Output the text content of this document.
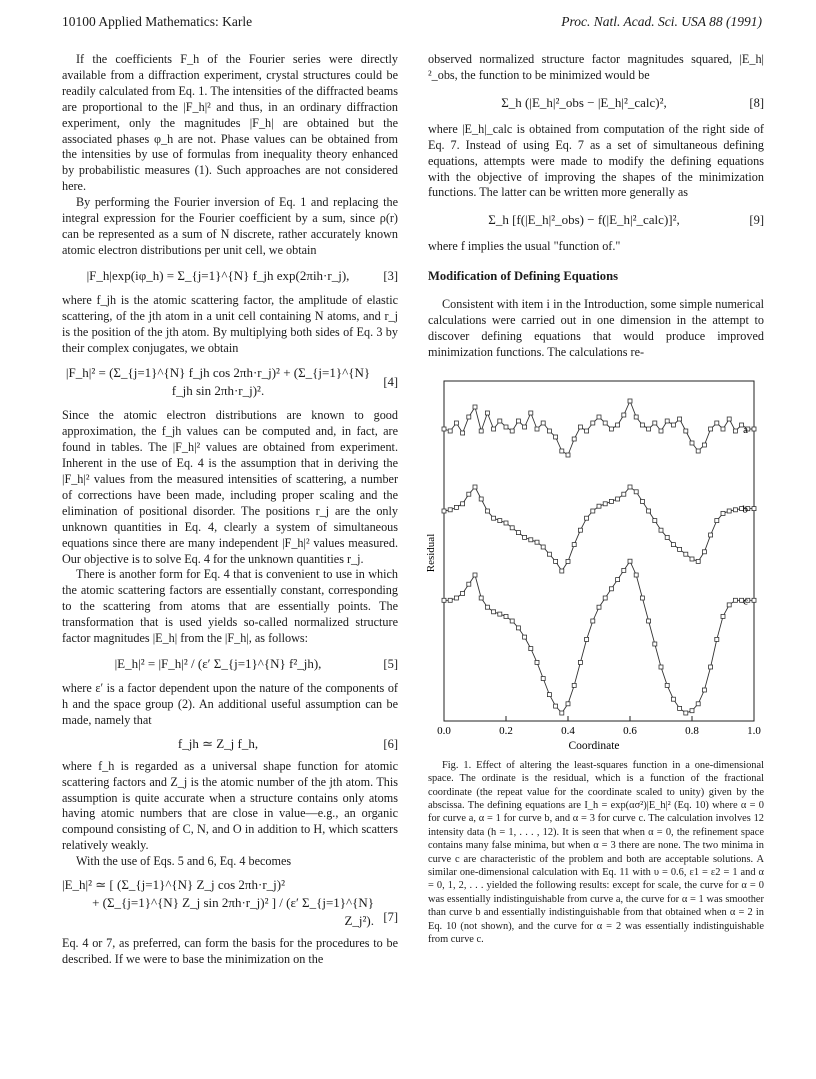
10100 Applied Mathematics: Karle	Proc. Natl. Acad. Sci. USA 88 (1991)

If the coefficients F_h of the Fourier series were directly available from a diffraction experiment, crystal structures could be readily calculated from Eq. 1. The intensities of the diffracted beams are proportional to the |F_h|² and thus, in an ordinary diffraction experiment, only the magnitudes |F_h| are obtained but the associated phases φ_h are not. Phase values can be obtained from the intensities by use of formulas from inequality theory enhanced by probabilistic measures (1). Such approaches are not considered here.

By performing the Fourier inversion of Eq. 1 and replacing the integral expression for the Fourier coefficient by a sum, since ρ(r) can be represented as a sum of N discrete, rather accurately known atomic electron distributions per unit cell, we obtain

|F_h|exp(iφ_h) = Σ_{j=1}^{N} f_jh exp(2πih·r_j),	[3]

where f_jh is the atomic scattering factor, the amplitude of elastic scattering, of the jth atom in a unit cell containing N atoms, and r_j is the position of the jth atom. By multiplying both sides of Eq. 3 by their complex conjugates, we obtain

|F_h|² = (Σ_{j=1}^{N} f_jh cos 2πh·r_j)² + (Σ_{j=1}^{N} f_jh sin 2πh·r_j)².
[4]

Since the atomic electron distributions are known to good approximation, the f_jh values can be computed and, in fact, are found in tables. The |F_h|² values are obtained from experiment. Inherent in the use of Eq. 4 is the assumption that in deriving the |F_h|² values from the measured intensities of scattering, a number of corrections have been made, including proper scaling and the elimination of positional disorder. The positions r_j are the only unknown quantities in Eq. 4, clearly a system of simultaneous equations since there are many independent |F_h|² values measured. Our objective is to solve Eq. 4 for the unknown quantities r_j.

There is another form for Eq. 4 that is convenient to use in which the atomic scattering factors are essentially constant, corresponding to the scattering from atoms that are essentially points. The transformation that is used yields so-called normalized structure factor magnitudes |E_h| from the |F_h|, as follows:

|E_h|² = |F_h|² / (ε′ Σ_{j=1}^{N} f²_jh),	[5]

where ε′ is a factor dependent upon the nature of the components of h and the space group (2). An additional useful assumption can be made, namely that

f_jh ≃ Z_j f_h,	[6]

where f_h is regarded as a universal shape function for atomic scattering factors and Z_j is the atomic number of the jth atom. This assumption is quite accurate when a structure contains only atoms having atomic numbers that are close in value—e.g., an organic compound consisting of C, N, and O in addition to H, which scatters relatively weakly.

With the use of Eqs. 5 and 6, Eq. 4 becomes

|E_h|² ≃ [ (Σ_{j=1}^{N} Z_j cos 2πh·r_j)²
+ (Σ_{j=1}^{N} Z_j sin 2πh·r_j)² ] / (ε′ Σ_{j=1}^{N} Z_j²). [7]

Eq. 4 or 7, as preferred, can form the basis for the procedures to be described. If we were to base the minimization on the

observed normalized structure factor magnitudes squared, |E_h|²_obs, the function to be minimized would be

Σ_h (|E_h|²_obs − |E_h|²_calc)²,	[8]

where |E_h|_calc is obtained from computation of the right side of Eq. 7. Instead of using Eq. 7 as a set of simultaneous defining equations, attempts were made to modify the defining equations with the objective of improving the shapes of the minimization functions. The latter can be written more generally as

Σ_h [f(|E_h|²_obs) − f(|E_h|²_calc)]²,	[9]

where f implies the usual "function of."

Modification of Defining Equations

Consistent with item i in the Introduction, some simple numerical calculations were carried out in one dimension in the attempt to discover defining equations that would produce improved minimization functions. The calculations re-

0.0	0.2	0.4	0.6	0.8	1.0
a
b
c
Residual
Coordinate

Fig. 1. Effect of altering the least-squares function in a one-dimensional space. The ordinate is the residual, which is a function of the fractional coordinate (the repeat value for the coordinate scaled to unity) given by the abscissa. The defining equations are I_h = exp(ασ²)|E_h|² (Eq. 10) where α = 0 for curve a, α = 1 for curve b, and α = 3 for curve c. The calculation involves 12 intensity data (h = 1, . . . , 12). It is seen that when α = 0, the refinement space contains many false minima, but when α = 3 there are none. The two minima in curve c are characteristic of the problem and both are acceptable solutions. A similar one-dimensional calculation with Eq. 11 with υ = 0.6, ε1 = ε2 = 1 and α = 0, 1, 2, . . . yielded the following results: except for scale, the curve for α = 0 was essentially indistinguishable from curve a, the curve for α = 1 was smoother than curve b and essentially indistinguishable from that obtained when α = 2 in Eq. 10 (not shown), and the curve for α = 2 was essentially indistinguishable from curve c.
